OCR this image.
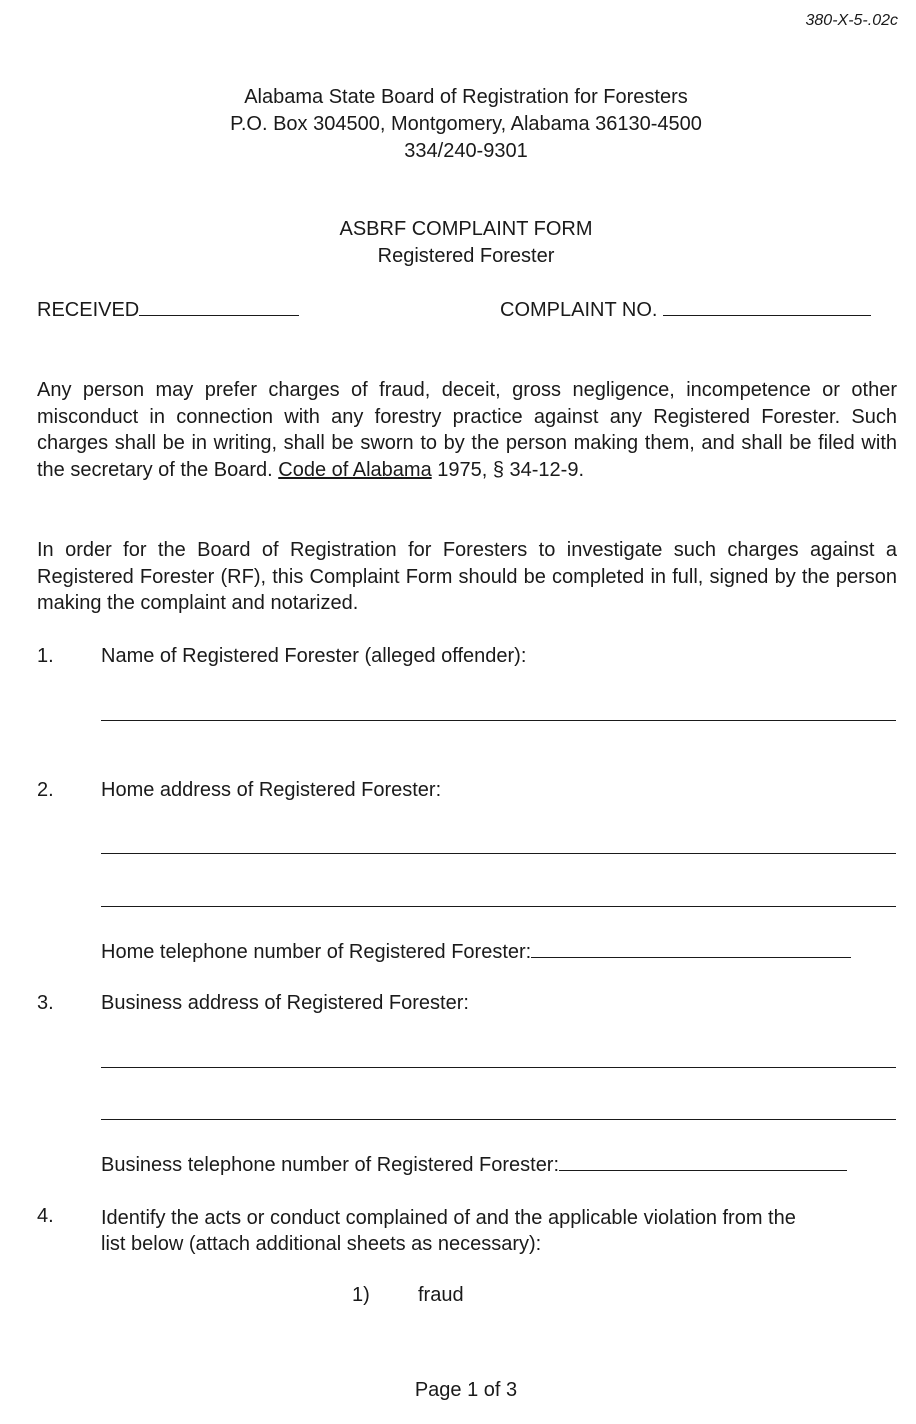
380-X-5-.02c
Alabama State Board of Registration for Foresters
P.O. Box 304500, Montgomery, Alabama 36130-4500
334/240-9301
ASBRF COMPLAINT FORM
Registered Forester
RECEIVED	COMPLAINT NO.
Any person may prefer charges of fraud, deceit, gross negligence, incompetence or other misconduct in connection with any forestry practice against any Registered Forester. Such charges shall be in writing, shall be sworn to by the person making them, and shall be filed with the secretary of the Board. Code of Alabama 1975, § 34-12-9.
In order for the Board of Registration for Foresters to investigate such charges against a Registered Forester (RF), this Complaint Form should be completed in full, signed by the person making the complaint and notarized.
1. Name of Registered Forester (alleged offender):
2. Home address of Registered Forester:
Home telephone number of Registered Forester:
3. Business address of Registered Forester:
Business telephone number of Registered Forester:
4. Identify the acts or conduct complained of and the applicable violation from the
list below (attach additional sheets as necessary):
1) fraud
Page 1 of 3
